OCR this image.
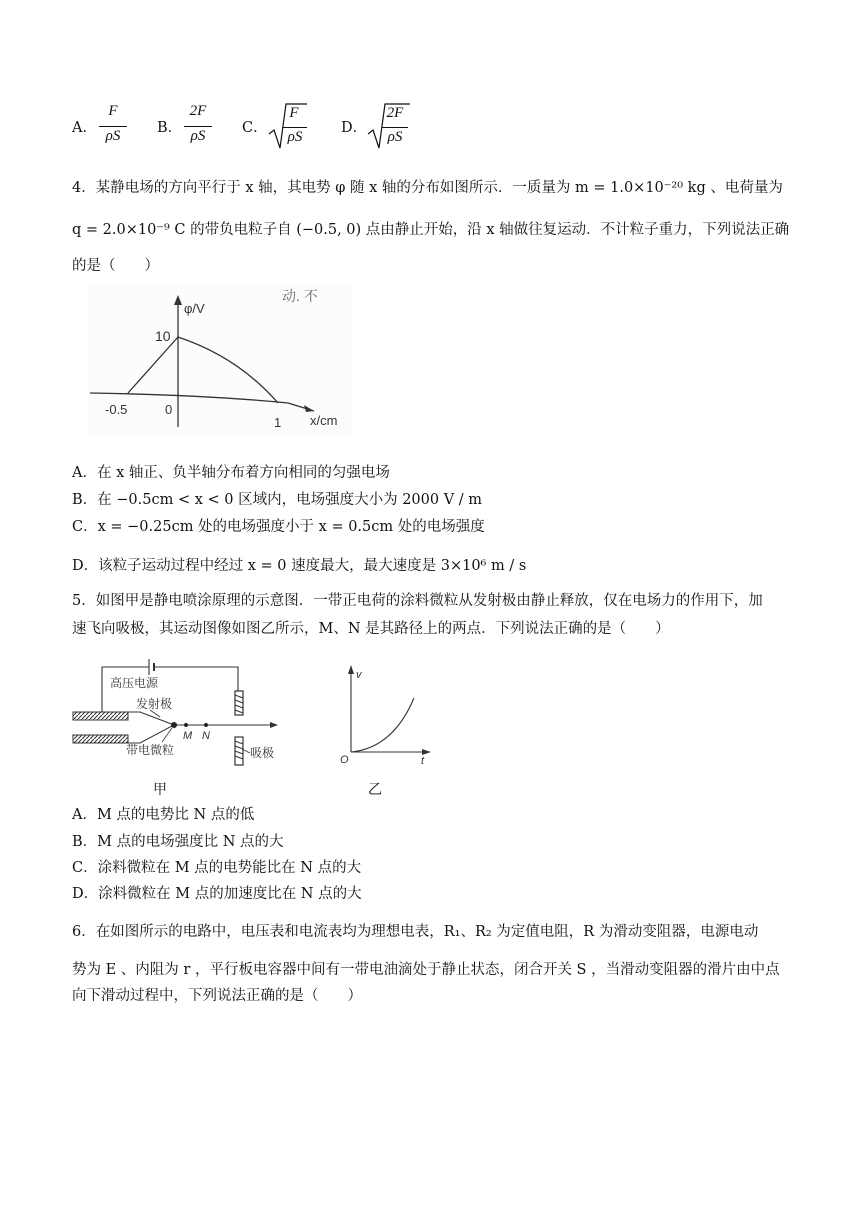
A．
F
ρS	B．
2F
ρS	C．
F
ρS
D．
2F
ρS
4．某静电场的方向平行于 x 轴，其电势 φ 随 x 轴的分布如图所示．一质量为 m = 1.0×10⁻²⁰ kg 、电荷量为
q = 2.0×10⁻⁹ C 的带负电粒子自 (−0.5, 0) 点由静止开始，沿 x 轴做往复运动．不计粒子重力，下列说法正确
的是（　　）
φ/V
10
-0.5	0
1 x/cm
动. 不
A．在 x 轴正、负半轴分布着方向相同的匀强电场
B．在 −0.5cm < x < 0 区域内，电场强度大小为 2000 V / m
C．x = −0.25cm 处的电场强度小于 x = 0.5cm 处的电场强度
D．该粒子运动过程中经过 x = 0 速度最大，最大速度是 3×10⁶ m / s
5．如图甲是静电喷涂原理的示意图．一带正电荷的涂料微粒从发射极由静止释放，仅在电场力的作用下，加
速飞向吸极，其运动图像如图乙所示，M、N 是其路径上的两点．下列说法正确的是（　　）
高压电源
发射极
M N
带电微粒	吸极
甲
v
O	t
乙
A．M 点的电势比 N 点的低
B．M 点的电场强度比 N 点的大
C．涂料微粒在 M 点的电势能比在 N 点的大
D．涂料微粒在 M 点的加速度比在 N 点的大
6．在如图所示的电路中，电压表和电流表均为理想电表，R₁、R₂ 为定值电阻，R 为滑动变阻器，电源电动
势为 E 、内阻为 r ，平行板电容器中间有一带电油滴处于静止状态，闭合开关 S ，当滑动变阻器的滑片由中点
向下滑动过程中，下列说法正确的是（　　）
